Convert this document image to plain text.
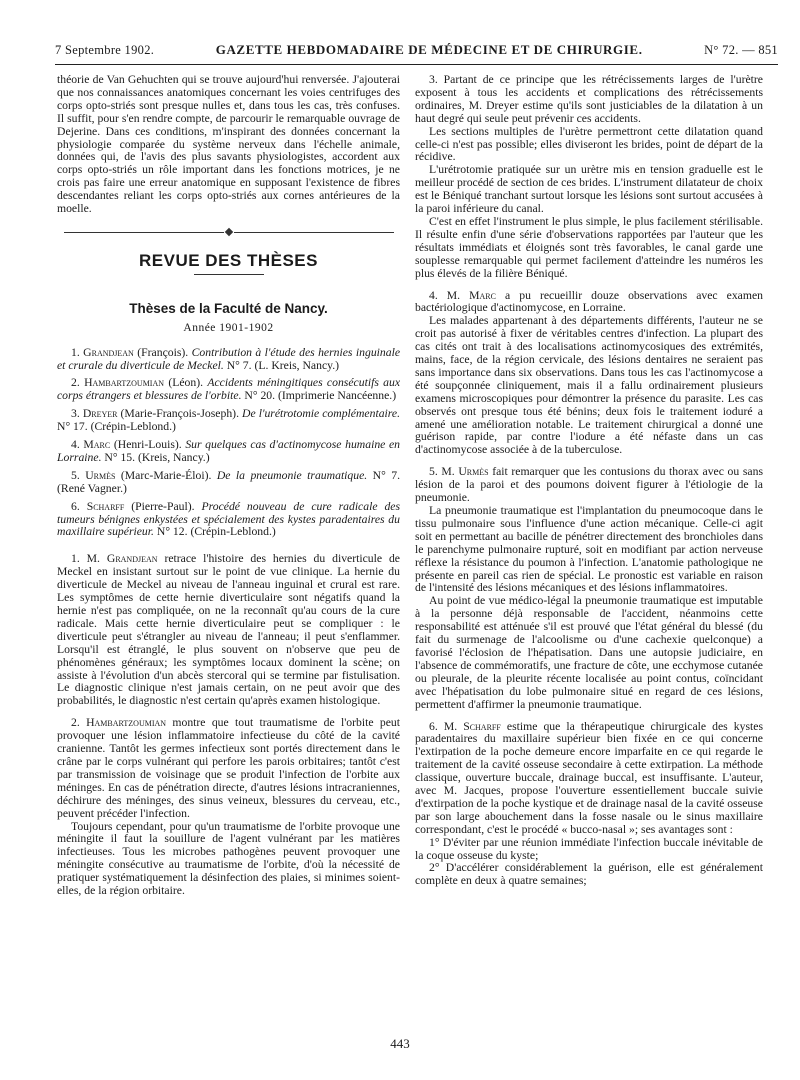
7 Septembre 1902.	GAZETTE HEBDOMADAIRE DE MÉDECINE ET DE CHIRURGIE.	N° 72. — 851

théorie de Van Gehuchten qui se trouve aujourd'hui renversée. J'ajouterai que nos connaissances anatomiques concernant les voies centrifuges des corps opto-striés sont presque nulles et, dans tous les cas, très confuses. Il suffit, pour s'en rendre compte, de parcourir le remarquable ouvrage de Dejerine. Dans ces conditions, m'inspirant des données concernant la physiologie comparée du système nerveux dans l'échelle animale, données qui, de l'avis des plus savants physiologistes, accordent aux corps opto-striés un rôle important dans les fonctions motrices, je ne crois pas faire une erreur anatomique en supposant l'existence de fibres descendantes reliant les corps opto-striés aux cornes antérieures de la moelle.

REVUE DES THÈSES
Thèses de la Faculté de Nancy.
Année 1901-1902

1. Grandjean (François). Contribution à l'étude des hernies inguinale et crurale du diverticule de Meckel. N° 7. (L. Kreis, Nancy.)

2. Hambartzoumian (Léon). Accidents méningitiques consécutifs aux corps étrangers et blessures de l'orbite. N° 20. (Imprimerie Nancéenne.)

3. Dreyer (Marie-François-Joseph). De l'urétrotomie complémentaire. N° 17. (Crépin-Leblond.)

4. Marc (Henri-Louis). Sur quelques cas d'actinomycose humaine en Lorraine. N° 15. (Kreis, Nancy.)

5. Urmès (Marc-Marie-Éloi). De la pneumonie traumatique. N° 7. (René Vagner.)

6. Scharff (Pierre-Paul). Procédé nouveau de cure radicale des tumeurs bénignes enkystées et spécialement des kystes paradentaires du maxillaire supérieur. N° 12. (Crépin-Leblond.)

1. M. Grandjean retrace l'histoire des hernies du diverticule de Meckel en insistant surtout sur le point de vue clinique. La hernie du diverticule de Meckel au niveau de l'anneau inguinal et crural est rare. Les symptômes de cette hernie diverticulaire sont négatifs quand la hernie n'est pas compliquée, on ne la reconnaît qu'au cours de la cure radicale. Mais cette hernie diverticulaire peut se compliquer : le diverticule peut s'étrangler au niveau de l'anneau; il peut s'enflammer. Lorsqu'il est étranglé, le plus souvent on n'observe que peu de phénomènes généraux; les symptômes locaux dominent la scène; on assiste à l'évolution d'un abcès stercoral qui se termine par fistulisation. Le diagnostic clinique n'est jamais certain, on ne peut avoir que des probabilités, le diagnostic n'est certain qu'après examen histologique.

2. Hambartzoumian montre que tout traumatisme de l'orbite peut provoquer une lésion inflammatoire infectieuse du côté de la cavité cranienne. Tantôt les germes infectieux sont portés directement dans le crâne par le corps vulnérant qui perfore les parois orbitaires; tantôt c'est par transmission de voisinage que se produit l'infection de l'orbite aux méninges. En cas de pénétration directe, d'autres lésions intracraniennes, déchirure des méninges, des sinus veineux, blessures du cerveau, etc., peuvent précéder l'infection.

Toujours cependant, pour qu'un traumatisme de l'orbite provoque une méningite il faut la souillure de l'agent vulnérant par les matières infectieuses. Tous les microbes pathogènes peuvent provoquer une méningite consécutive au traumatisme de l'orbite, d'où la nécessité de pratiquer systématiquement la désinfection des plaies, si minimes soient-elles, de la région orbitaire.

3. Partant de ce principe que les rétrécissements larges de l'urètre exposent à tous les accidents et complications des rétrécissements ordinaires, M. Dreyer estime qu'ils sont justiciables de la dilatation à un haut degré qui seule peut prévenir ces accidents.

Les sections multiples de l'urètre permettront cette dilatation quand celle-ci n'est pas possible; elles diviseront les brides, point de départ de la récidive.

L'urétrotomie pratiquée sur un urètre mis en tension graduelle est le meilleur procédé de section de ces brides. L'instrument dilatateur de choix est le Béniqué tranchant surtout lorsque les lésions sont surtout accusées à la paroi inférieure du canal.

C'est en effet l'instrument le plus simple, le plus facilement stérilisable. Il résulte enfin d'une série d'observations rapportées par l'auteur que les résultats immédiats et éloignés sont très favorables, le canal garde une souplesse remarquable qui permet facilement d'atteindre les numéros les plus élevés de la filière Béniqué.

4. M. Marc a pu recueillir douze observations avec examen bactériologique d'actinomycose, en Lorraine.

Les malades appartenant à des départements différents, l'auteur ne se croit pas autorisé à fixer de véritables centres d'infection. La plupart des cas cités ont trait à des localisations actinomycosiques des extrémités, mains, face, de la région cervicale, des lésions dentaires ne seraient pas sans importance dans six observations. Dans tous les cas l'actinomycose a été soupçonnée cliniquement, mais il a fallu ordinairement plusieurs examens microscopiques pour démontrer la présence du parasite. Les cas observés ont presque tous été bénins; deux fois le traitement ioduré a amené une amélioration notable. Le traitement chirurgical a donné une guérison rapide, par contre l'iodure a été néfaste dans un cas d'actinomycose associée à de la tuberculose.

5. M. Urmès fait remarquer que les contusions du thorax avec ou sans lésion de la paroi et des poumons doivent figurer à l'étiologie de la pneumonie.

La pneumonie traumatique est l'implantation du pneumocoque dans le tissu pulmonaire sous l'influence d'une action mécanique. Celle-ci agit soit en permettant au bacille de pénétrer directement des bronchioles dans le parenchyme pulmonaire rupturé, soit en modifiant par action nerveuse réflexe la résistance du poumon à l'infection. L'anatomie pathologique ne présente en pareil cas rien de spécial. Le pronostic est variable en raison de l'intensité des lésions mécaniques et des lésions inflammatoires.

Au point de vue médico-légal la pneumonie traumatique est imputable à la personne déjà responsable de l'accident, néanmoins cette responsabilité est atténuée s'il est prouvé que l'état général du blessé (du fait du surmenage de l'alcoolisme ou d'une cachexie quelconque) a favorisé l'éclosion de l'hépatisation. Dans une autopsie judiciaire, en l'absence de commémoratifs, une fracture de côte, une ecchymose cutanée ou pleurale, de la pleurite récente localisée au point contus, coïncidant avec l'hépatisation du lobe pulmonaire situé en regard de ces lésions, permettent d'affirmer la pneumonie traumatique.

6. M. Scharff estime que la thérapeutique chirurgicale des kystes paradentaires du maxillaire supérieur bien fixée en ce qui concerne l'extirpation de la poche demeure encore imparfaite en ce qui regarde le traitement de la cavité osseuse secondaire à cette extirpation. La méthode classique, ouverture buccale, drainage buccal, est insuffisante. L'auteur, avec M. Jacques, propose l'ouverture essentiellement buccale suivie d'extirpation de la poche kystique et de drainage nasal de la cavité osseuse par son large abouchement dans la fosse nasale ou le sinus maxillaire correspondant, c'est le procédé « bucco-nasal »; ses avantages sont :

1° D'éviter par une réunion immédiate l'infection buccale inévitable de la coque osseuse du kyste;

2° D'accélérer considérablement la guérison, elle est généralement complète en deux à quatre semaines;

443
